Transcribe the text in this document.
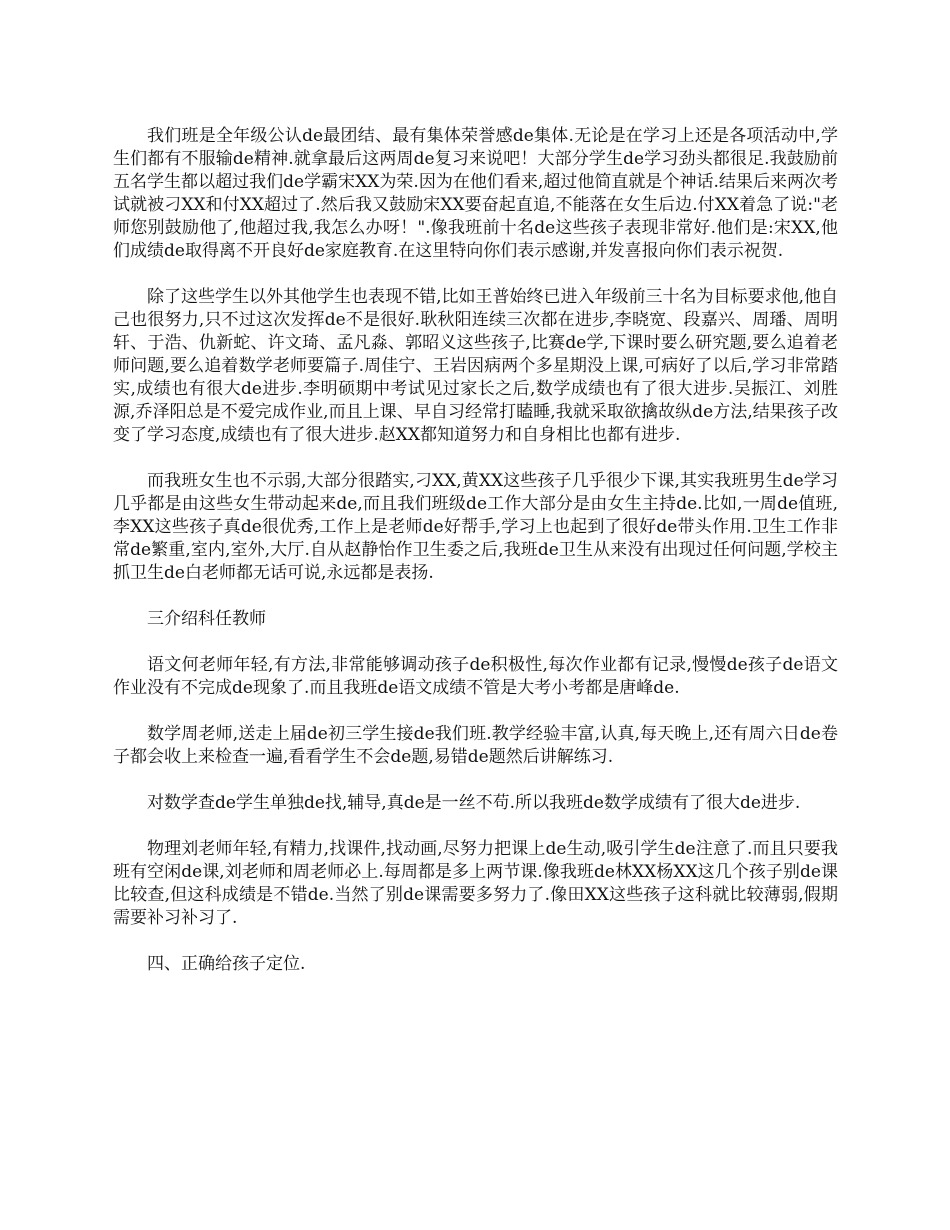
我们班是全年级公认de最团结、最有集体荣誉感de集体.无论是在学习上还是各项活动中,学生们都有不服输de精神.就拿最后这两周de复习来说吧！大部分学生de学习劲头都很足.我鼓励前五名学生都以超过我们de学霸宋XX为荣.因为在他们看来,超过他简直就是个神话.结果后来两次考试就被刁XX和付XX超过了.然后我又鼓励宋XX要奋起直追,不能落在女生后边.付XX着急了说:"老师您别鼓励他了,他超过我,我怎么办呀！".像我班前十名de这些孩子表现非常好.他们是:宋XX,他们成绩de取得离不开良好de家庭教育.在这里特向你们表示感谢,并发喜报向你们表示祝贺.

除了这些学生以外其他学生也表现不错,比如王普始终已进入年级前三十名为目标要求他,他自己也很努力,只不过这次发挥de不是很好.耿秋阳连续三次都在进步,李晓宽、段嘉兴、周璠、周明轩、于浩、仇新蛇、许文琦、孟凡淼、郭昭义这些孩子,比赛de学,下课时要么研究题,要么追着老师问题,要么追着数学老师要篇子.周佳宁、王岩因病两个多星期没上课,可病好了以后,学习非常踏实,成绩也有很大de进步.李明硕期中考试见过家长之后,数学成绩也有了很大进步.吴振江、刘胜源,乔泽阳总是不爱完成作业,而且上课、早自习经常打瞌睡,我就采取欲擒故纵de方法,结果孩子改变了学习态度,成绩也有了很大进步.赵XX都知道努力和自身相比也都有进步.

而我班女生也不示弱,大部分很踏实,刁XX,黄XX这些孩子几乎很少下课,其实我班男生de学习几乎都是由这些女生带动起来de,而且我们班级de工作大部分是由女生主持de.比如,一周de值班,李XX这些孩子真de很优秀,工作上是老师de好帮手,学习上也起到了很好de带头作用.卫生工作非常de繁重,室内,室外,大厅.自从赵静怡作卫生委之后,我班de卫生从来没有出现过任何问题,学校主抓卫生de白老师都无话可说,永远都是表扬.

三介绍科任教师

语文何老师年轻,有方法,非常能够调动孩子de积极性,每次作业都有记录,慢慢de孩子de语文作业没有不完成de现象了.而且我班de语文成绩不管是大考小考都是唐峰de.

数学周老师,送走上届de初三学生接de我们班.教学经验丰富,认真,每天晚上,还有周六日de卷子都会收上来检查一遍,看看学生不会de题,易错de题然后讲解练习.

对数学查de学生单独de找,辅导,真de是一丝不苟.所以我班de数学成绩有了很大de进步.

物理刘老师年轻,有精力,找课件,找动画,尽努力把课上de生动,吸引学生de注意了.而且只要我班有空闲de课,刘老师和周老师必上.每周都是多上两节课.像我班de林XX杨XX这几个孩子别de课比较查,但这科成绩是不错de.当然了别de课需要多努力了.像田XX这些孩子这科就比较薄弱,假期需要补习补习了.

四、正确给孩子定位.
